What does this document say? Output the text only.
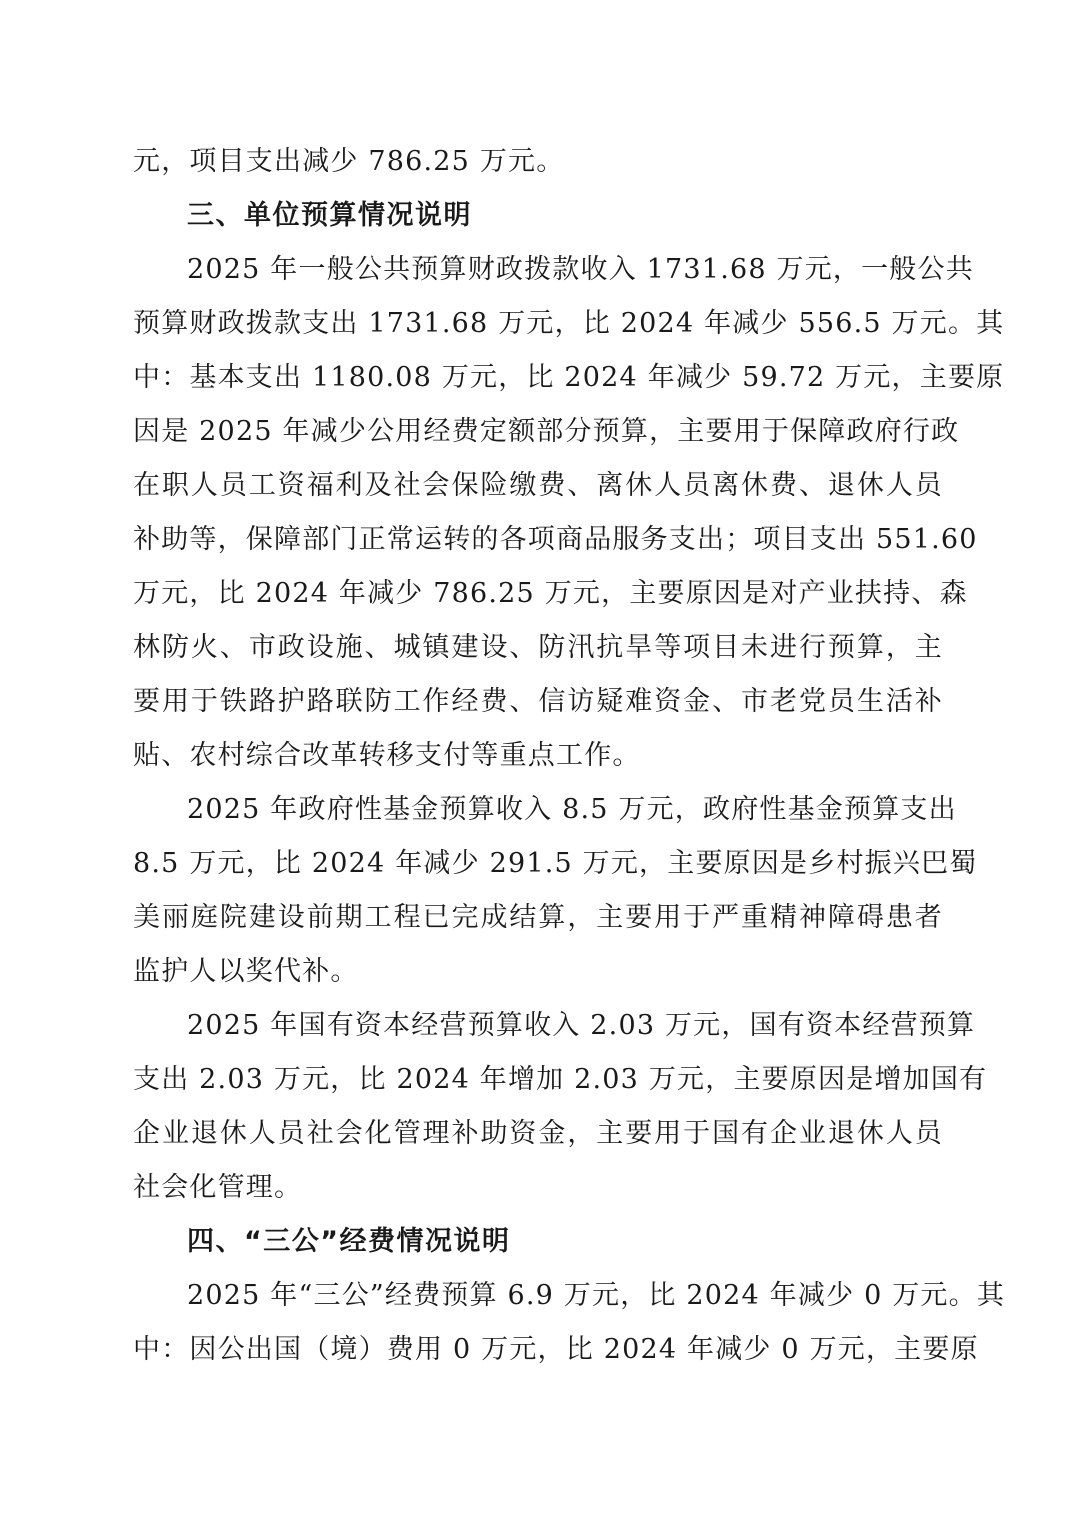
元，项目支出减少 786.25 万元。
三、单位预算情况说明
2025 年一般公共预算财政拨款收入 1731.68 万元，一般公共
预算财政拨款支出 1731.68 万元，比 2024 年减少 556.5 万元。其
中：基本支出 1180.08 万元，比 2024 年减少 59.72 万元，主要原
因是 2025 年减少公用经费定额部分预算，主要用于保障政府行政
在职人员工资福利及社会保险缴费、离休人员离休费、退休人员
补助等，保障部门正常运转的各项商品服务支出；项目支出 551.60
万元，比 2024 年减少 786.25 万元，主要原因是对产业扶持、森
林防火、市政设施、城镇建设、防汛抗旱等项目未进行预算，主
要用于铁路护路联防工作经费、信访疑难资金、市老党员生活补
贴、农村综合改革转移支付等重点工作。
2025 年政府性基金预算收入 8.5 万元，政府性基金预算支出
8.5 万元，比 2024 年减少 291.5 万元，主要原因是乡村振兴巴蜀
美丽庭院建设前期工程已完成结算，主要用于严重精神障碍患者
监护人以奖代补。
2025 年国有资本经营预算收入 2.03 万元，国有资本经营预算
支出 2.03 万元，比 2024 年增加 2.03 万元，主要原因是增加国有
企业退休人员社会化管理补助资金，主要用于国有企业退休人员
社会化管理。
四、“三公”经费情况说明
2025 年“三公”经费预算 6.9 万元，比 2024 年减少 0 万元。其
中：因公出国（境）费用 0 万元，比 2024 年减少 0 万元，主要原
